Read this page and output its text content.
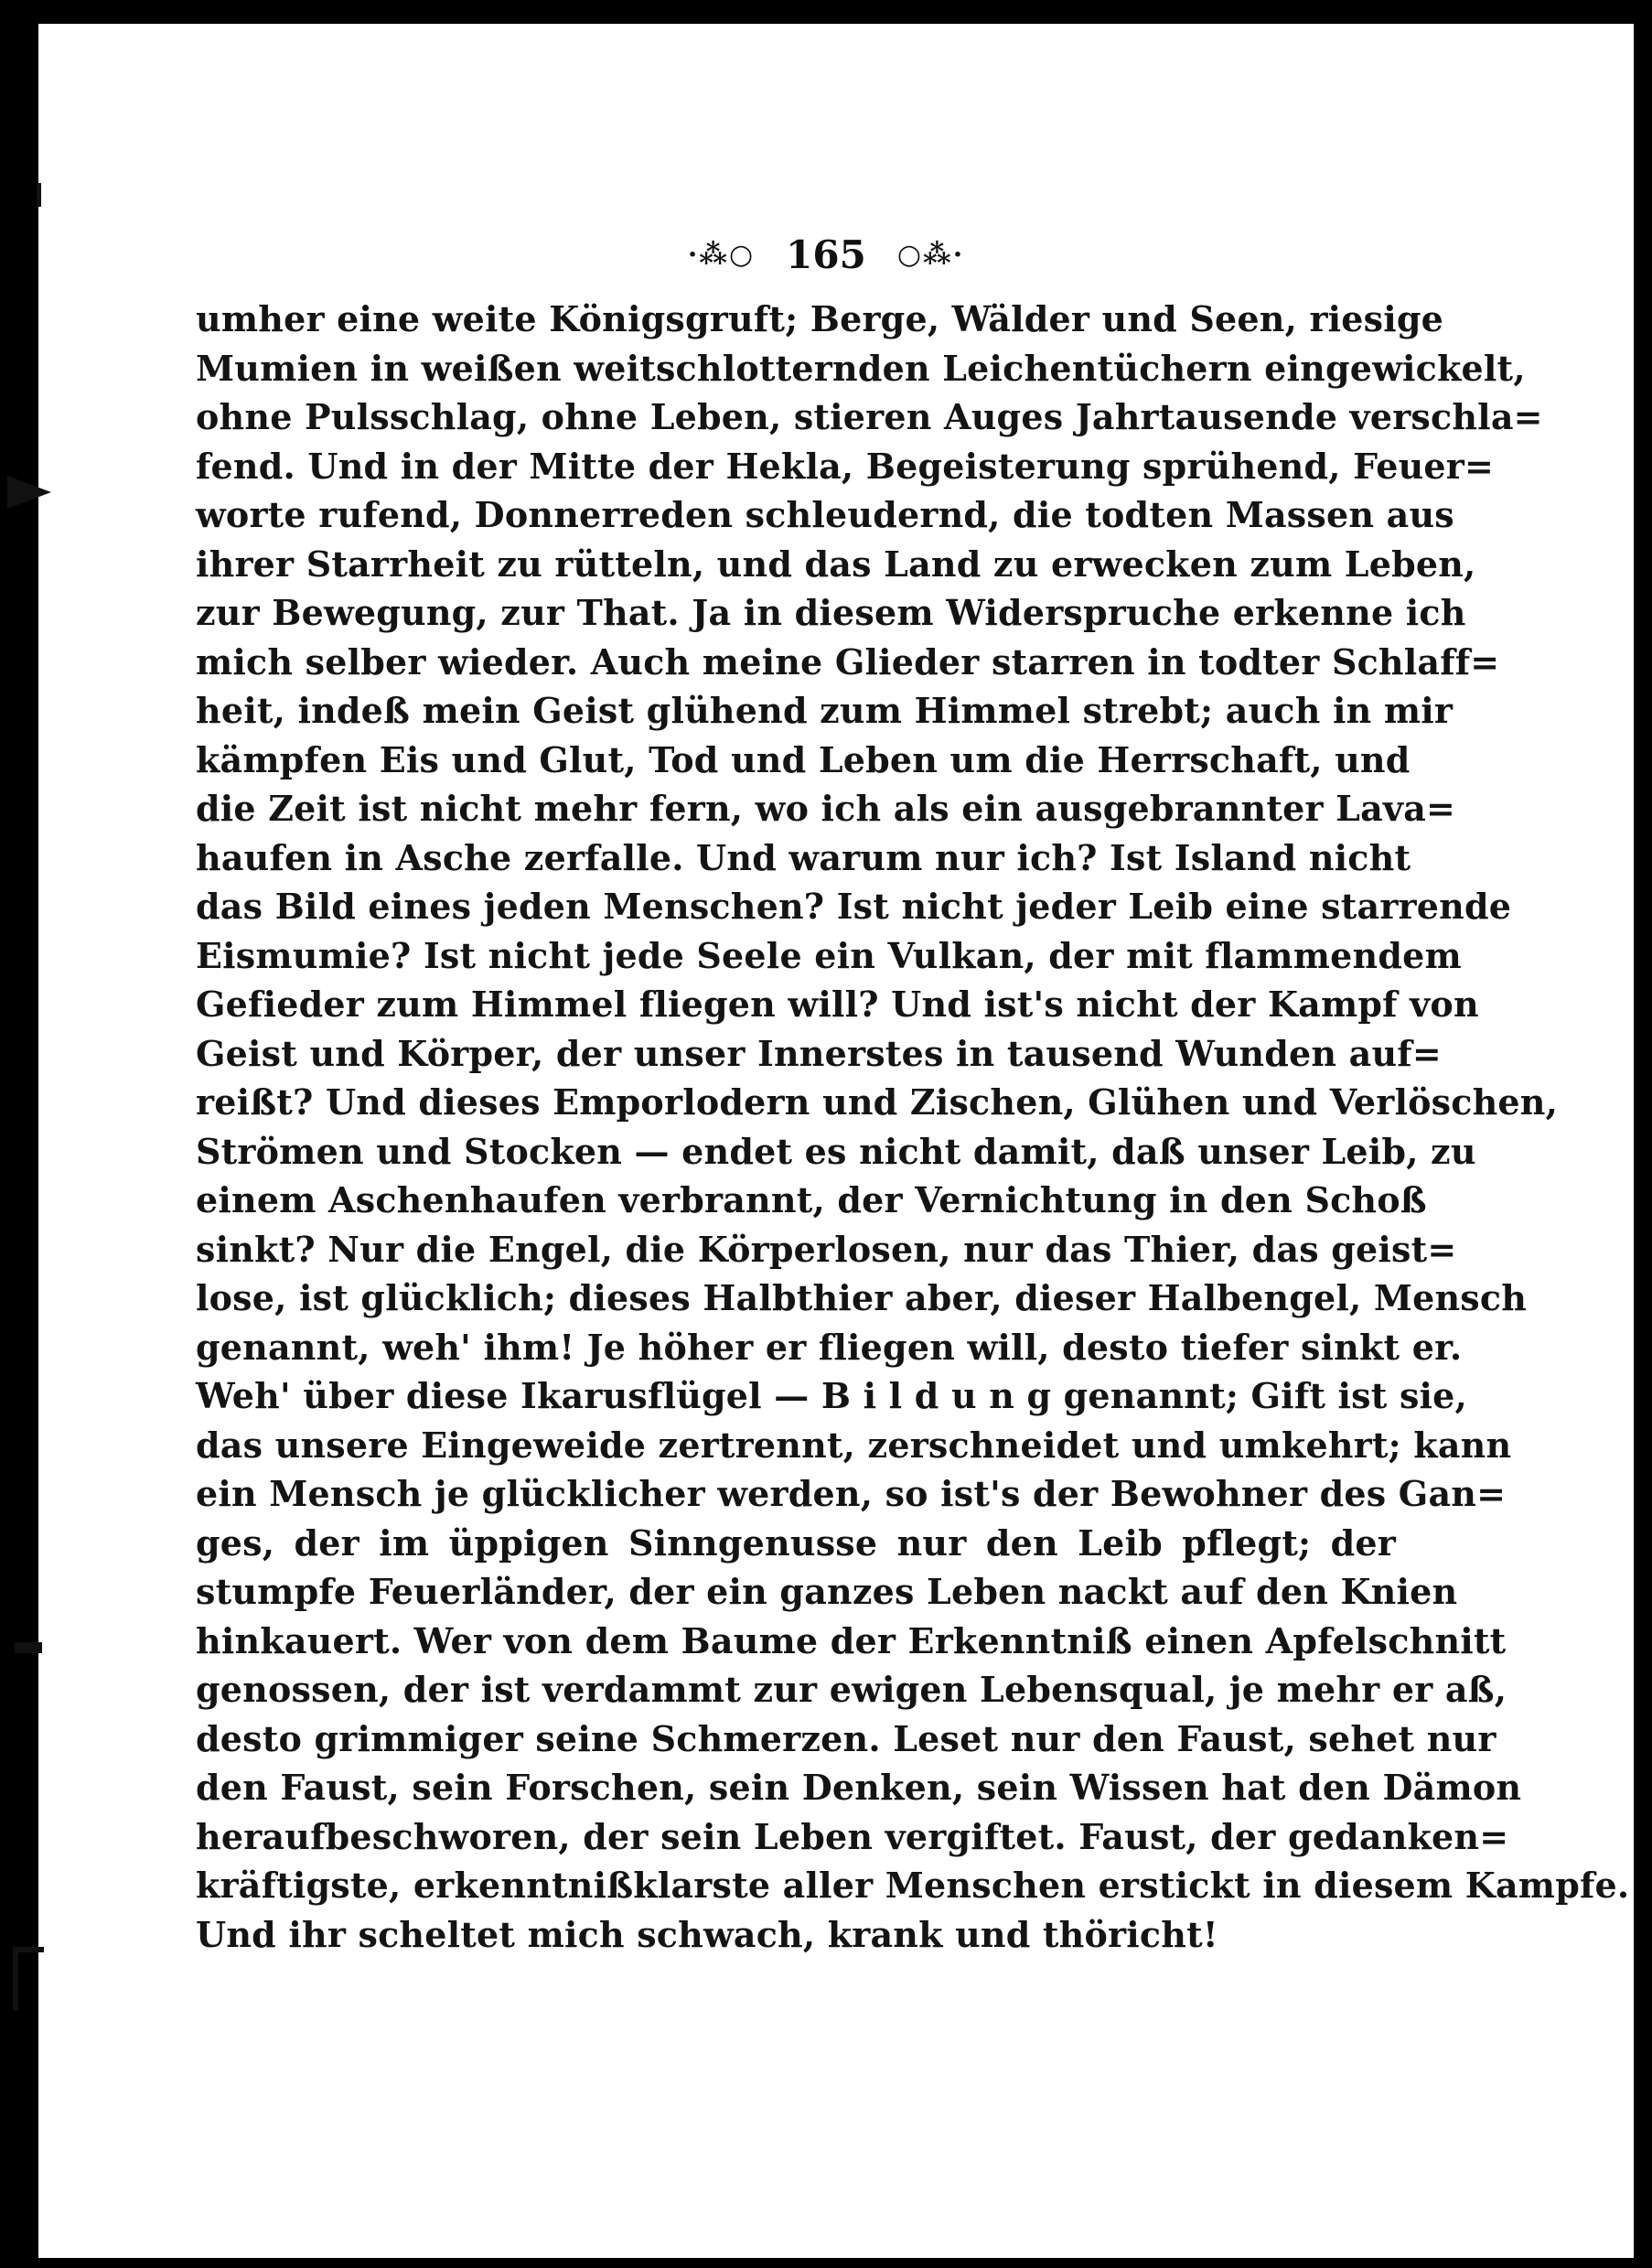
·⁂○ 165 ○⁂·
umher eine weite Königsgruft; Berge, Wälder und Seen, riesige
Mumien in weißen weitschlotternden Leichentüchern eingewickelt,
ohne Pulsschlag, ohne Leben, stieren Auges Jahrtausende verschla=
fend. Und in der Mitte der Hekla, Begeisterung sprühend, Feuer=
worte rufend, Donnerreden schleudernd, die todten Massen aus
ihrer Starrheit zu rütteln, und das Land zu erwecken zum Leben,
zur Bewegung, zur That. Ja in diesem Widerspruche erkenne ich
mich selber wieder. Auch meine Glieder starren in todter Schlaff=
heit, indeß mein Geist glühend zum Himmel strebt; auch in mir
kämpfen Eis und Glut, Tod und Leben um die Herrschaft, und
die Zeit ist nicht mehr fern, wo ich als ein ausgebrannter Lava=
haufen in Asche zerfalle. Und warum nur ich? Ist Island nicht
das Bild eines jeden Menschen? Ist nicht jeder Leib eine starrende
Eismumie? Ist nicht jede Seele ein Vulkan, der mit flammendem
Gefieder zum Himmel fliegen will? Und ist's nicht der Kampf von
Geist und Körper, der unser Innerstes in tausend Wunden auf=
reißt? Und dieses Emporlodern und Zischen, Glühen und Verlöschen,
Strömen und Stocken — endet es nicht damit, daß unser Leib, zu
einem Aschenhaufen verbrannt, der Vernichtung in den Schoß
sinkt? Nur die Engel, die Körperlosen, nur das Thier, das geist=
lose, ist glücklich; dieses Halbthier aber, dieser Halbengel, Mensch
genannt, weh' ihm! Je höher er fliegen will, desto tiefer sinkt er.
Weh' über diese Ikarusflügel — B i l d u n g genannt; Gift ist sie,
das unsere Eingeweide zertrennt, zerschneidet und umkehrt; kann
ein Mensch je glücklicher werden, so ist's der Bewohner des Gan=
ges, der im üppigen Sinngenusse nur den Leib pflegt; der
stumpfe Feuerländer, der ein ganzes Leben nackt auf den Knien
hinkauert. Wer von dem Baume der Erkenntniß einen Apfelschnitt
genossen, der ist verdammt zur ewigen Lebensqual, je mehr er aß,
desto grimmiger seine Schmerzen. Leset nur den Faust, sehet nur
den Faust, sein Forschen, sein Denken, sein Wissen hat den Dämon
heraufbeschworen, der sein Leben vergiftet. Faust, der gedanken=
kräftigste, erkenntnißklarste aller Menschen erstickt in diesem Kampfe.
Und ihr scheltet mich schwach, krank und thöricht!
